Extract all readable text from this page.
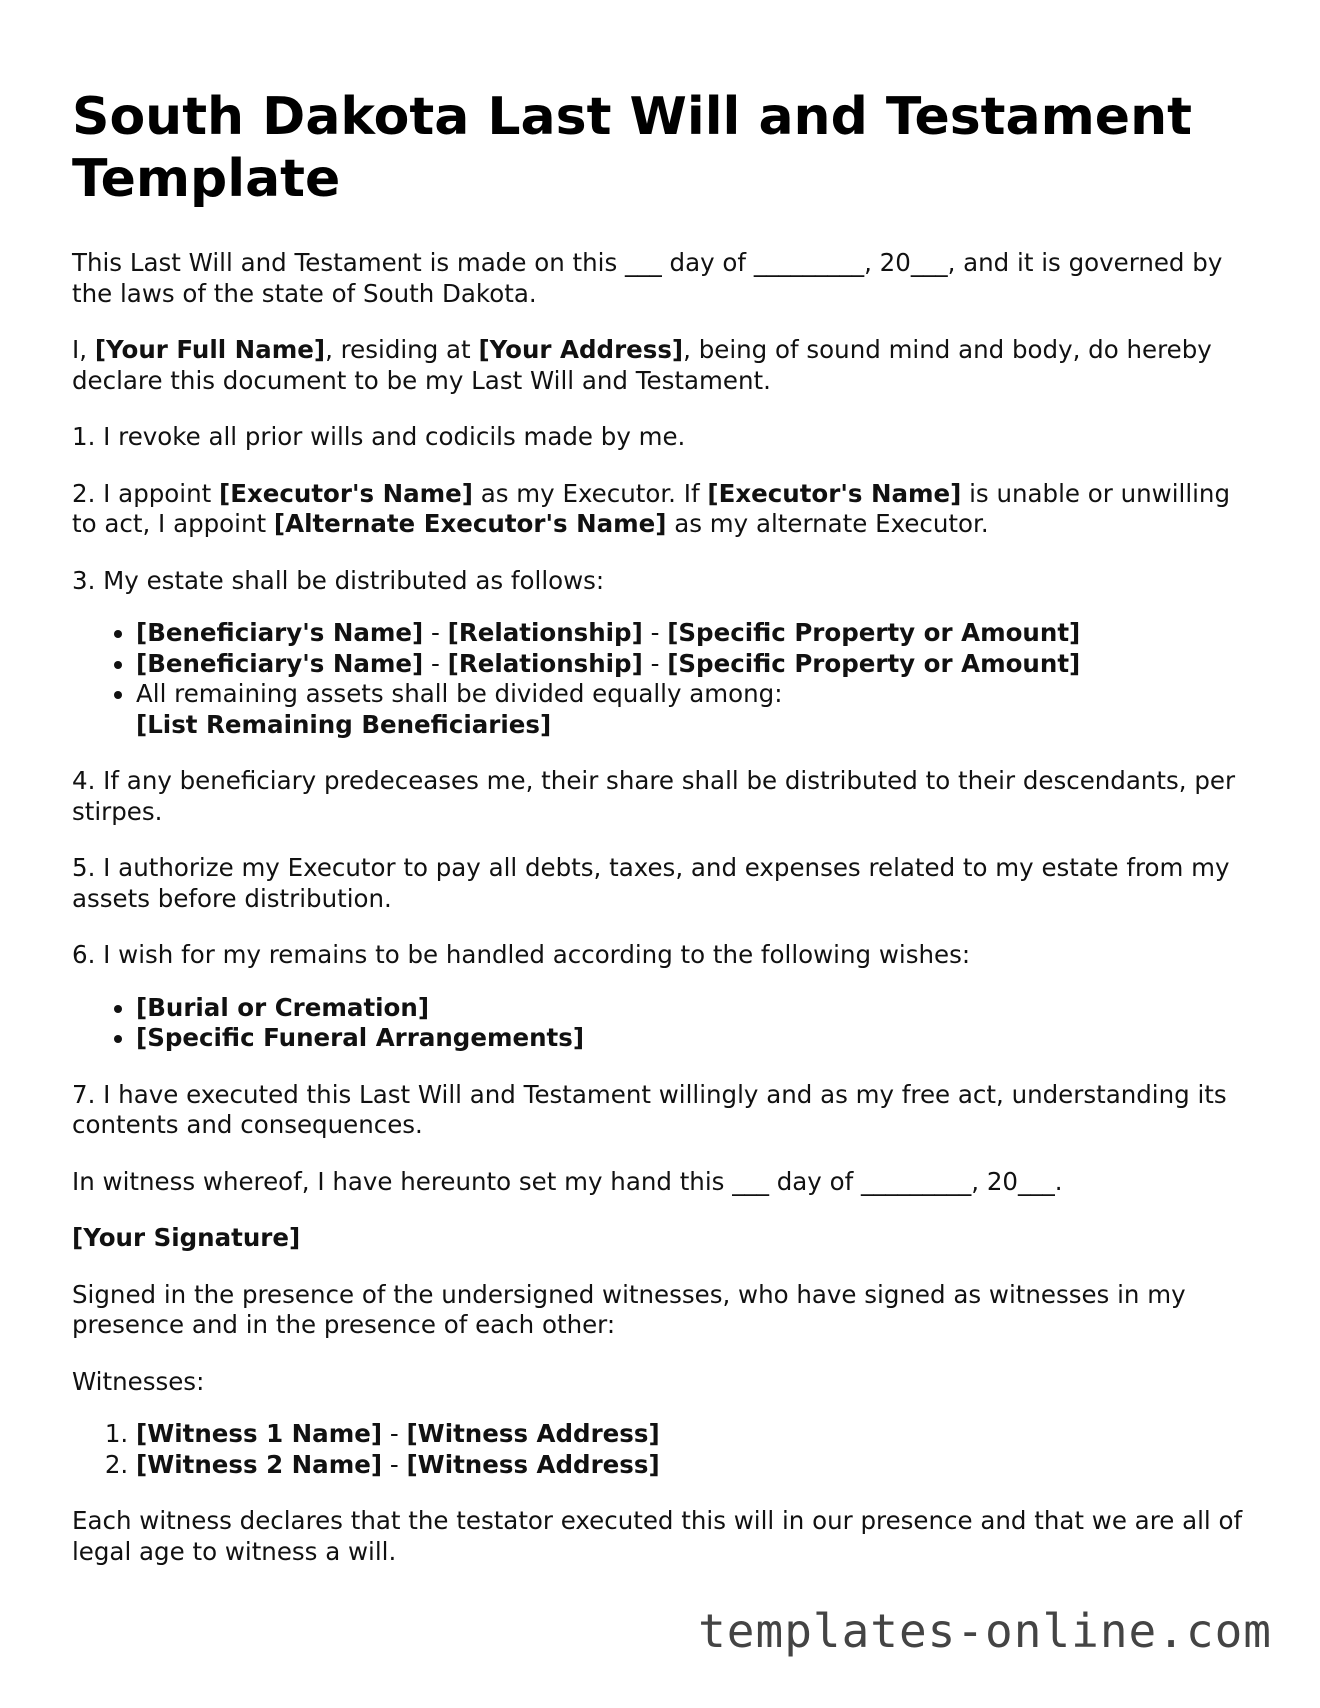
South Dakota Last Will and Testament Template

This Last Will and Testament is made on this ___ day of _________, 20___, and it is governed by the laws of the state of South Dakota.

I, [Your Full Name], residing at [Your Address], being of sound mind and body, do hereby declare this document to be my Last Will and Testament.

1. I revoke all prior wills and codicils made by me.

2. I appoint [Executor's Name] as my Executor. If [Executor's Name] is unable or unwilling to act, I appoint [Alternate Executor's Name] as my alternate Executor.

3. My estate shall be distributed as follows:

• [Beneficiary's Name] - [Relationship] - [Specific Property or Amount]
• [Beneficiary's Name] - [Relationship] - [Specific Property or Amount]
• All remaining assets shall be divided equally among:
[List Remaining Beneficiaries]

4. If any beneficiary predeceases me, their share shall be distributed to their descendants, per stirpes.

5. I authorize my Executor to pay all debts, taxes, and expenses related to my estate from my assets before distribution.

6. I wish for my remains to be handled according to the following wishes:

• [Burial or Cremation]
• [Specific Funeral Arrangements]

7. I have executed this Last Will and Testament willingly and as my free act, understanding its contents and consequences.

In witness whereof, I have hereunto set my hand this ___ day of _________, 20___.

[Your Signature]

Signed in the presence of the undersigned witnesses, who have signed as witnesses in my presence and in the presence of each other:

Witnesses:

1. [Witness 1 Name] - [Witness Address]
2. [Witness 2 Name] - [Witness Address]

Each witness declares that the testator executed this will in our presence and that we are all of legal age to witness a will.

templates-online.com
